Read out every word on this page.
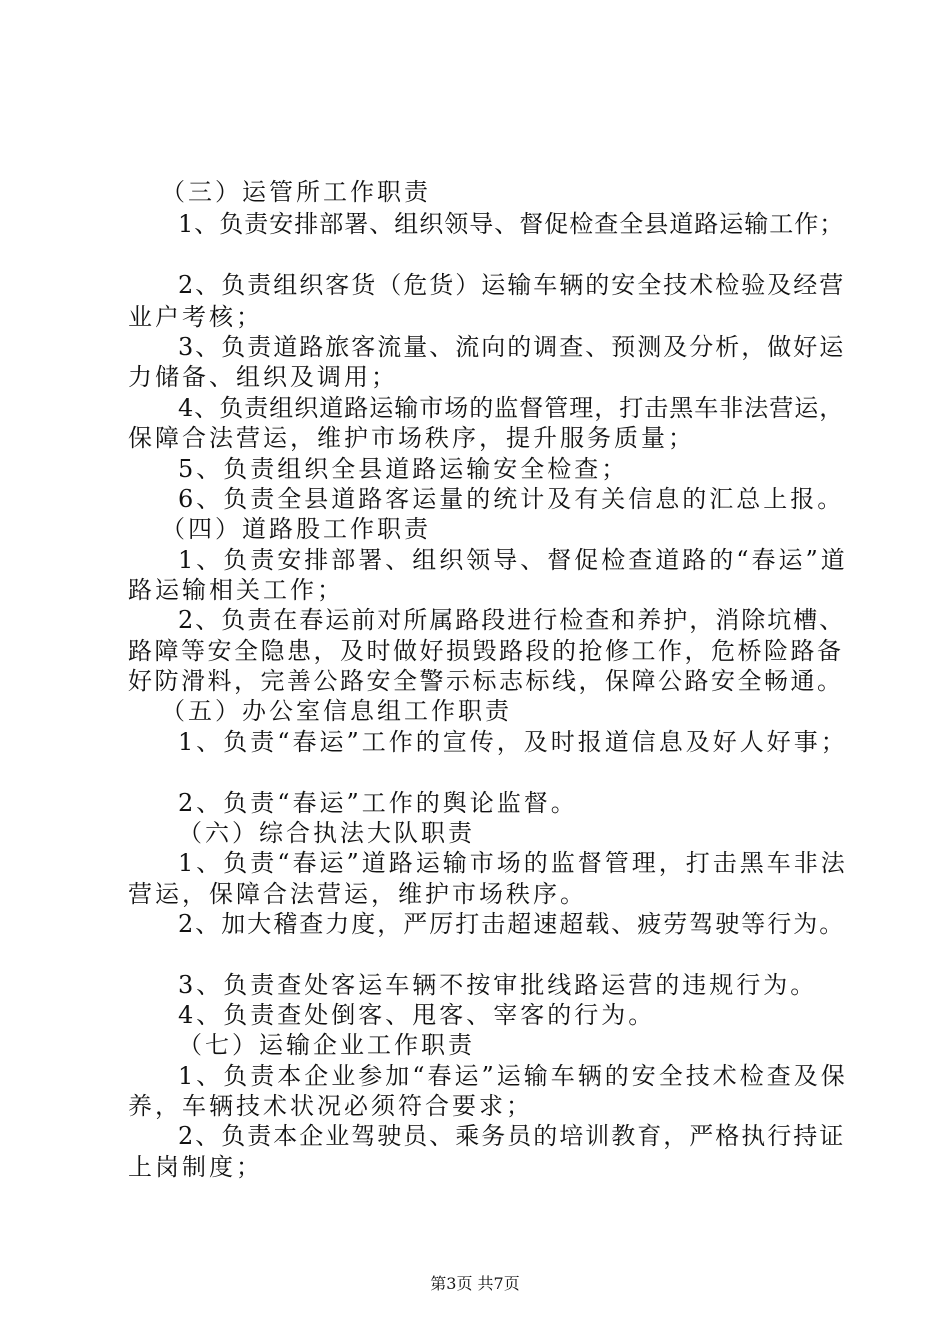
（三）运管所工作职责

1、负责安排部署、组织领导、督促检查全县道路运输工作；

2、负责组织客货（危货）运输车辆的安全技术检验及经营

业户考核；

3、负责道路旅客流量、流向的调查、预测及分析，做好运

力储备、组织及调用；

4、负责组织道路运输市场的监督管理，打击黑车非法营运，

保障合法营运，维护市场秩序，提升服务质量；

5、负责组织全县道路运输安全检查；

6、负责全县道路客运量的统计及有关信息的汇总上报。

（四）道路股工作职责

1、负责安排部署、组织领导、督促检查道路的“春运”道

路运输相关工作；

2、负责在春运前对所属路段进行检查和养护，消除坑槽、

路障等安全隐患，及时做好损毁路段的抢修工作，危桥险路备

好防滑料，完善公路安全警示标志标线，保障公路安全畅通。

（五）办公室信息组工作职责

1、负责“春运”工作的宣传，及时报道信息及好人好事；

2、负责“春运”工作的舆论监督。

（六）综合执法大队职责

1、负责“春运”道路运输市场的监督管理，打击黑车非法

营运，保障合法营运，维护市场秩序。

2、加大稽查力度，严厉打击超速超载、疲劳驾驶等行为。

3、负责查处客运车辆不按审批线路运营的违规行为。

4、负责查处倒客、甩客、宰客的行为。

（七）运输企业工作职责

1、负责本企业参加“春运”运输车辆的安全技术检查及保

养，车辆技术状况必须符合要求；

2、负责本企业驾驶员、乘务员的培训教育，严格执行持证

上岗制度；

第3页 共7页
